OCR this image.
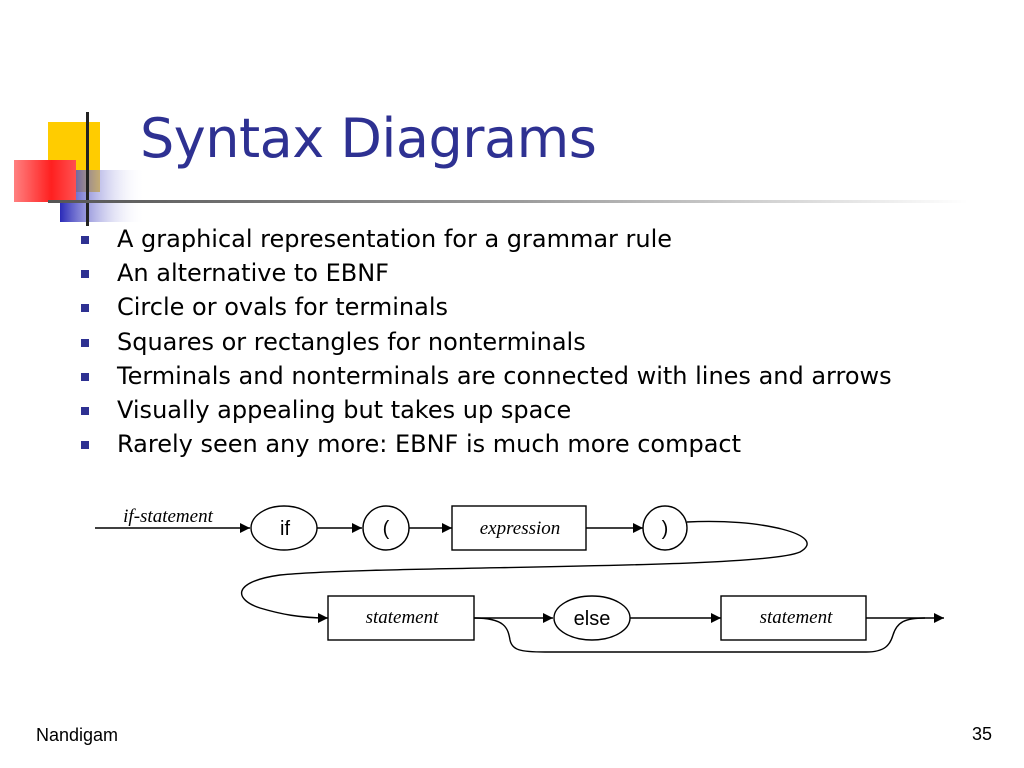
Syntax Diagrams
A graphical representation for a grammar rule
An alternative to EBNF
Circle or ovals for terminals
Squares or rectangles for nonterminals
Terminals and nonterminals are connected with lines and arrows
Visually appealing but takes up space
Rarely seen any more: EBNF is much more compact
if-statement
if	(	expression	)
statement	else	statement
Nandigam	35
